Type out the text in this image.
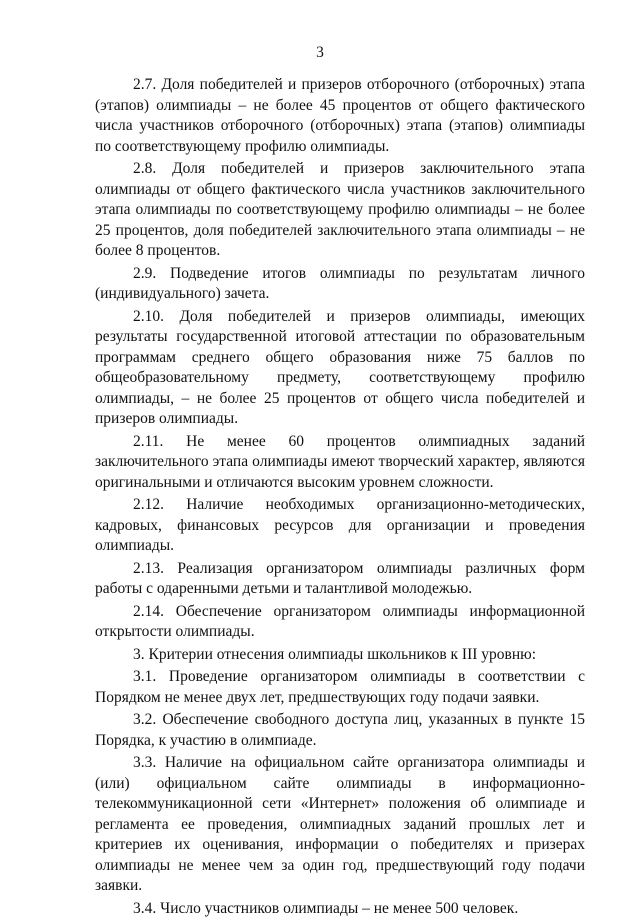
3

2.7. Доля победителей и призеров отборочного (отборочных) этапа (этапов) олимпиады – не более 45 процентов от общего фактического числа участников отборочного (отборочных) этапа (этапов) олимпиады по соответствующему профилю олимпиады.

2.8. Доля победителей и призеров заключительного этапа олимпиады от общего фактического числа участников заключительного этапа олимпиады по соответствующему профилю олимпиады – не более 25 процентов, доля победителей заключительного этапа олимпиады – не более 8 процентов.

2.9. Подведение итогов олимпиады по результатам личного (индивидуального) зачета.

2.10. Доля победителей и призеров олимпиады, имеющих результаты государственной итоговой аттестации по образовательным программам среднего общего образования ниже 75 баллов по общеобразовательному предмету, соответствующему профилю олимпиады, – не более 25 процентов от общего числа победителей и призеров олимпиады.

2.11. Не менее 60 процентов олимпиадных заданий заключительного этапа олимпиады имеют творческий характер, являются оригинальными и отличаются высоким уровнем сложности.

2.12. Наличие необходимых организационно-методических, кадровых, финансовых ресурсов для организации и проведения олимпиады.

2.13. Реализация организатором олимпиады различных форм работы с одаренными детьми и талантливой молодежью.

2.14. Обеспечение организатором олимпиады информационной открытости олимпиады.

3. Критерии отнесения олимпиады школьников к III уровню:

3.1. Проведение организатором олимпиады в соответствии с Порядком не менее двух лет, предшествующих году подачи заявки.

3.2. Обеспечение свободного доступа лиц, указанных в пункте 15 Порядка, к участию в олимпиаде.

3.3. Наличие на официальном сайте организатора олимпиады и (или) официальном сайте олимпиады в информационно-телекоммуникационной сети «Интернет» положения об олимпиаде и регламента ее проведения, олимпиадных заданий прошлых лет и критериев их оценивания, информации о победителях и призерах олимпиады не менее чем за один год, предшествующий году подачи заявки.

3.4. Число участников олимпиады – не менее 500 человек.
